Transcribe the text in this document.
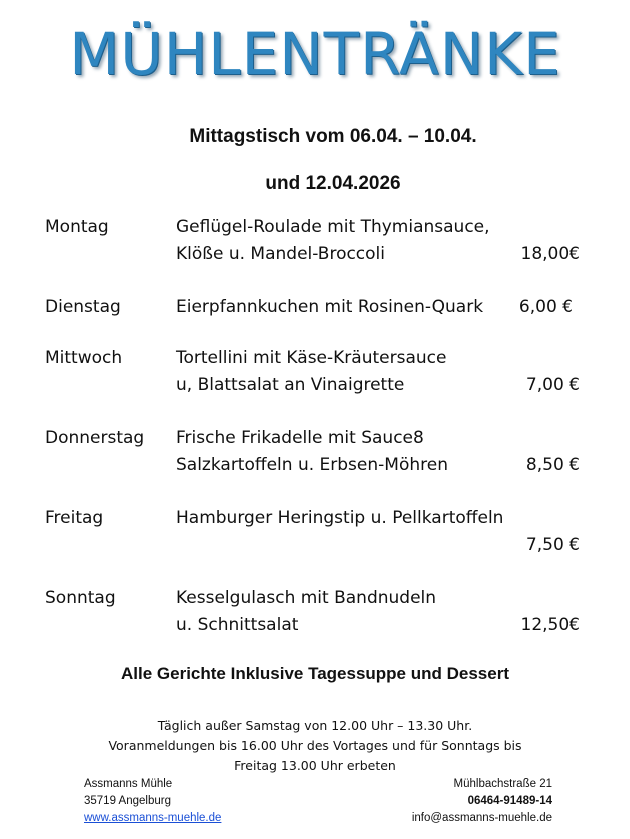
MÜHLENTRÄNKE
Mittagstisch vom 06.04. – 10.04.
und 12.04.2026
Montag	Geflügel-Roulade mit Thymiansauce,
Klöße u. Mandel-Broccoli	18,00€
Dienstag	Eierpfannkuchen mit Rosinen-Quark	6,00 €
Mittwoch	Tortellini mit Käse-Kräutersauce
u, Blattsalat an Vinaigrette	7,00 €
Donnerstag Frische Frikadelle mit Sauce8
Salzkartoffeln u. Erbsen-Möhren	8,50 €
Freitag	Hamburger Heringstip u. Pellkartoffeln
7,50 €
Sonntag	Kesselgulasch mit Bandnudeln
u. Schnittsalat	12,50€
Alle Gerichte Inklusive Tagessuppe und Dessert
Täglich außer Samstag von 12.00 Uhr – 13.30 Uhr.
Voranmeldungen bis 16.00 Uhr des Vortages und für Sonntags bis
Freitag 13.00 Uhr erbeten
Assmanns Mühle
35719 Angelburg
www.assmanns-muehle.de
Mühlbachstraße 21
06464-91489-14
info@assmanns-muehle.de
